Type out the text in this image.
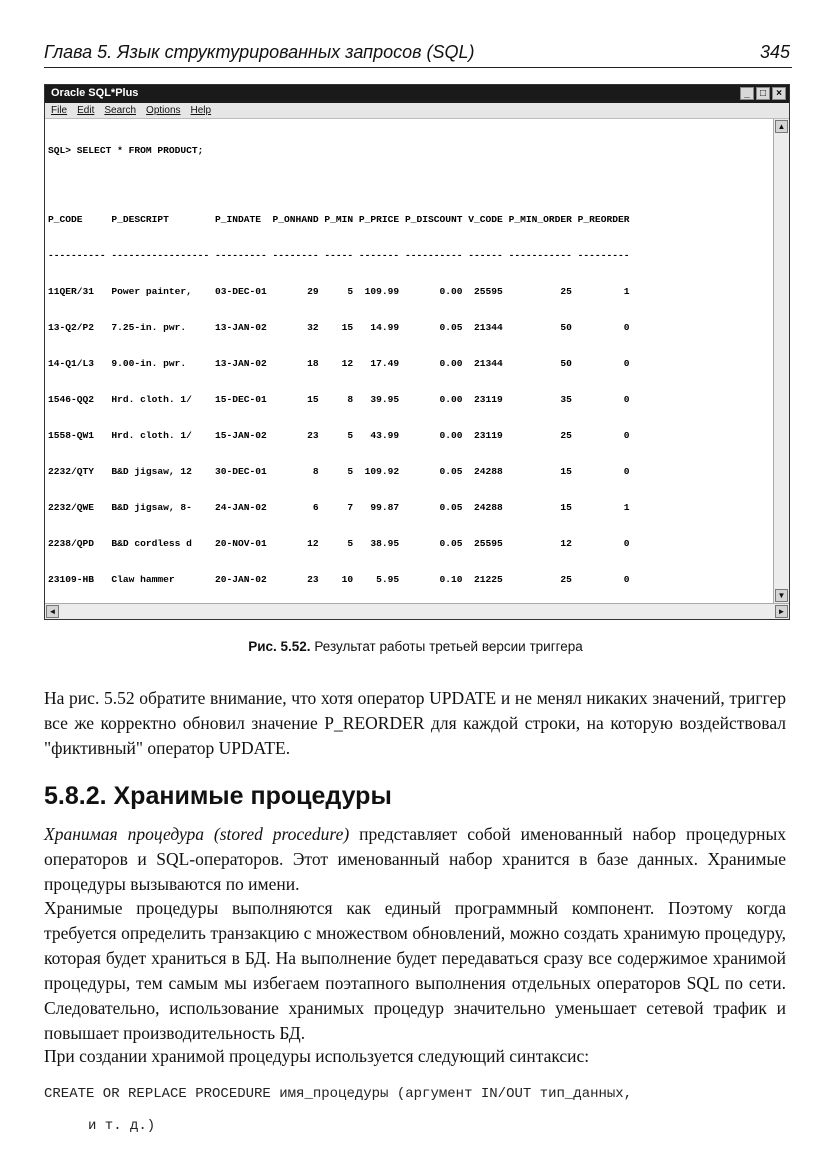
Глава 5. Язык структурированных запросов (SQL)	345
Oracle SQL*Plus	_	□	×
File Edit Search Options Help

SQL> SELECT * FROM PRODUCT;

P_CODE     P_DESCRIPT        P_INDATE  P_ONHAND P_MIN P_PRICE P_DISCOUNT V_CODE P_MIN_ORDER P_REORDER

---------- ----------------- --------- -------- ----- ------- ---------- ------ ----------- ---------

11QER/31   Power painter,    03-DEC-01       29     5  109.99       0.00  25595          25         1

13-Q2/P2   7.25-in. pwr.     13-JAN-02       32    15   14.99       0.05  21344          50         0

14-Q1/L3   9.00-in. pwr.     13-JAN-02       18    12   17.49       0.00  21344          50         0

1546-QQ2   Hrd. cloth. 1/    15-DEC-01       15     8   39.95       0.00  23119          35         0

1558-QW1   Hrd. cloth. 1/    15-JAN-02       23     5   43.99       0.00  23119          25         0

2232/QTY   B&D jigsaw, 12    30-DEC-01        8     5  109.92       0.05  24288          15         0

2232/QWE   B&D jigsaw, 8-    24-JAN-02        6     7   99.87       0.05  24288          15         1

2238/QPD   B&D cordless d    20-NOV-01       12     5   38.95       0.05  25595          12         0

23109-HB   Claw hammer       20-JAN-02       23    10    5.95       0.10  21225          25         0

▲
▼
◄	►
Рис. 5.52. Результат работы третьей версии триггера
На рис. 5.52 обратите внимание, что хотя оператор UPDATE и не менял никаких значений, триггер все же корректно обновил значение P_REORDER для каждой строки, на которую воздействовал "фиктивный" оператор UPDATE.
5.8.2. Хранимые процедуры
Хранимая процедура (stored procedure) представляет собой именованный набор процедурных операторов и SQL-операторов. Этот именованный набор хранится в базе данных. Хранимые процедуры вызываются по имени.
Хранимые процедуры выполняются как единый программный компонент. Поэтому когда требуется определить транзакцию с множеством обновлений, можно создать хранимую процедуру, которая будет храниться в БД. На выполнение будет передаваться сразу все содержимое хранимой процедуры, тем самым мы избегаем поэтапного выполнения отдельных операторов SQL по сети. Следовательно, использование хранимых процедур значительно уменьшает сетевой трафик и повышает производительность БД.
При создании хранимой процедуры используется следующий синтаксис:
CREATE OR REPLACE PROCEDURE имя_процедуры (аргумент IN/OUT тип_данных,
и т. д.)
